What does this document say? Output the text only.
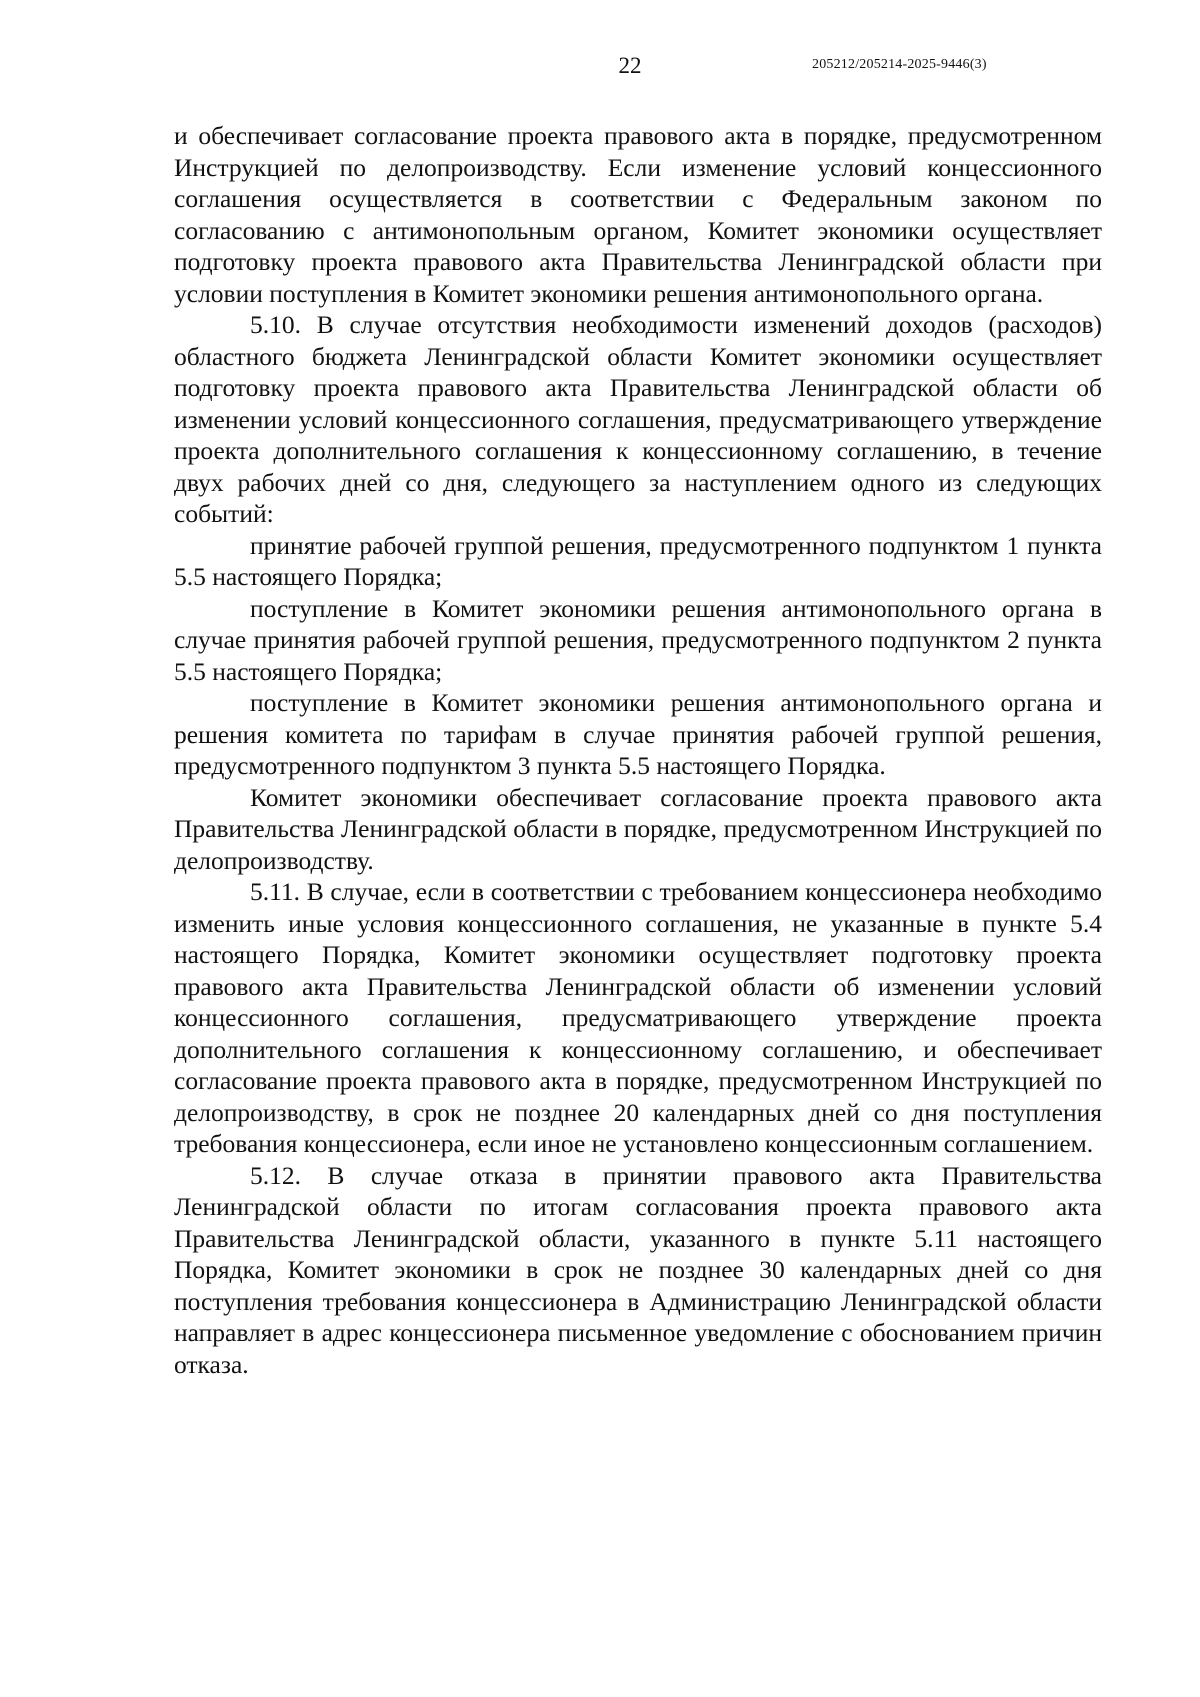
22	205212/205214-2025-9446(3)

и обеспечивает согласование проекта правового акта в порядке, предусмотренном Инструкцией по делопроизводству. Если изменение условий концессионного соглашения осуществляется в соответствии с Федеральным законом по согласованию с антимонопольным органом, Комитет экономики осуществляет подготовку проекта правового акта Правительства Ленинградской области при условии поступления в Комитет экономики решения антимонопольного органа.

5.10. В случае отсутствия необходимости изменений доходов (расходов) областного бюджета Ленинградской области Комитет экономики осуществляет подготовку проекта правового акта Правительства Ленинградской области об изменении условий концессионного соглашения, предусматривающего утверждение проекта дополнительного соглашения к концессионному соглашению, в течение двух рабочих дней со дня, следующего за наступлением одного из следующих событий:

принятие рабочей группой решения, предусмотренного подпунктом 1 пункта 5.5 настоящего Порядка;

поступление в Комитет экономики решения антимонопольного органа в случае принятия рабочей группой решения, предусмотренного подпунктом 2 пункта 5.5 настоящего Порядка;

поступление в Комитет экономики решения антимонопольного органа и решения комитета по тарифам в случае принятия рабочей группой решения, предусмотренного подпунктом 3 пункта 5.5 настоящего Порядка.

Комитет экономики обеспечивает согласование проекта правового акта Правительства Ленинградской области в порядке, предусмотренном Инструкцией по делопроизводству.

5.11. В случае, если в соответствии с требованием концессионера необходимо изменить иные условия концессионного соглашения, не указанные в пункте 5.4 настоящего Порядка, Комитет экономики осуществляет подготовку проекта правового акта Правительства Ленинградской области об изменении условий концессионного соглашения, предусматривающего утверждение проекта дополнительного соглашения к концессионному соглашению, и обеспечивает согласование проекта правового акта в порядке, предусмотренном Инструкцией по делопроизводству, в срок не позднее 20 календарных дней со дня поступления требования концессионера, если иное не установлено концессионным соглашением.

5.12. В случае отказа в принятии правового акта Правительства Ленинградской области по итогам согласования проекта правового акта Правительства Ленинградской области, указанного в пункте 5.11 настоящего Порядка, Комитет экономики в срок не позднее 30 календарных дней со дня поступления требования концессионера в Администрацию Ленинградской области направляет в адрес концессионера письменное уведомление с обоснованием причин отказа.
